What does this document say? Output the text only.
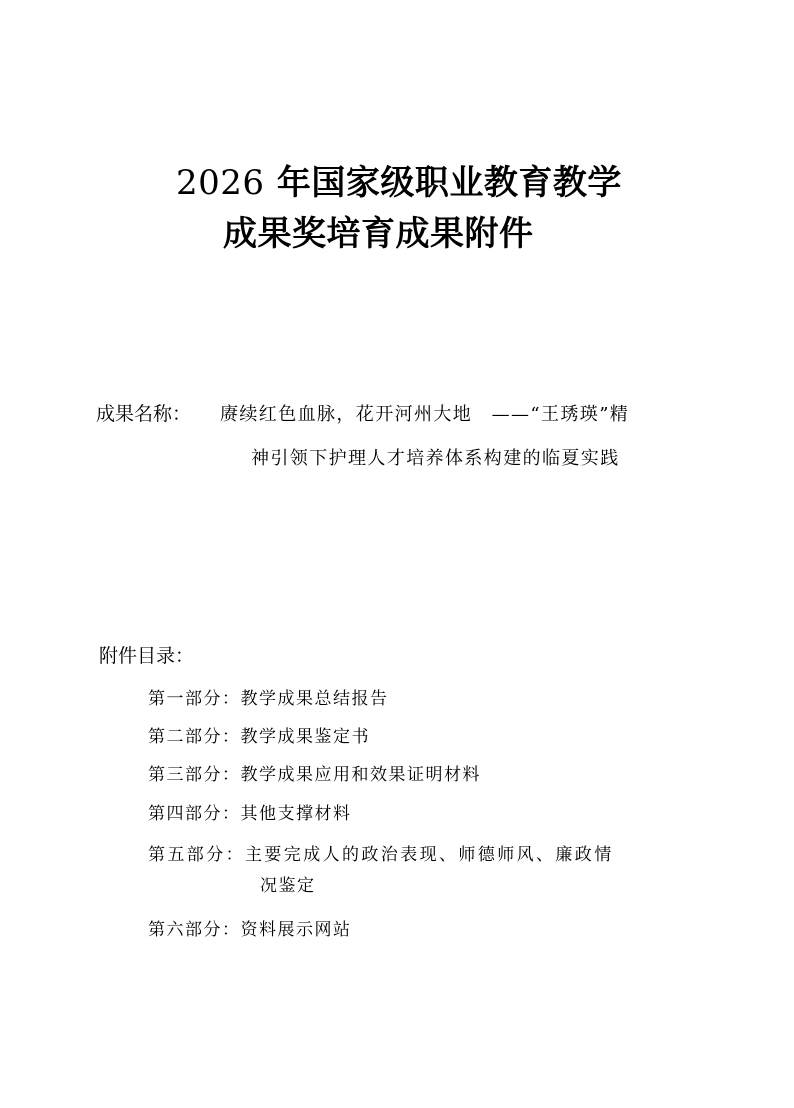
2026 年国家级职业教育教学
成果奖培育成果附件
成果名称： 赓续红色血脉，花开河州大地　——“王琇瑛”精
神引领下护理人才培养体系构建的临夏实践
附件目录：
第一部分：教学成果总结报告
第二部分：教学成果鉴定书
第三部分：教学成果应用和效果证明材料
第四部分：其他支撑材料
第五部分：主要完成人的政治表现、师德师风、廉政情
况鉴定
第六部分：资料展示网站
